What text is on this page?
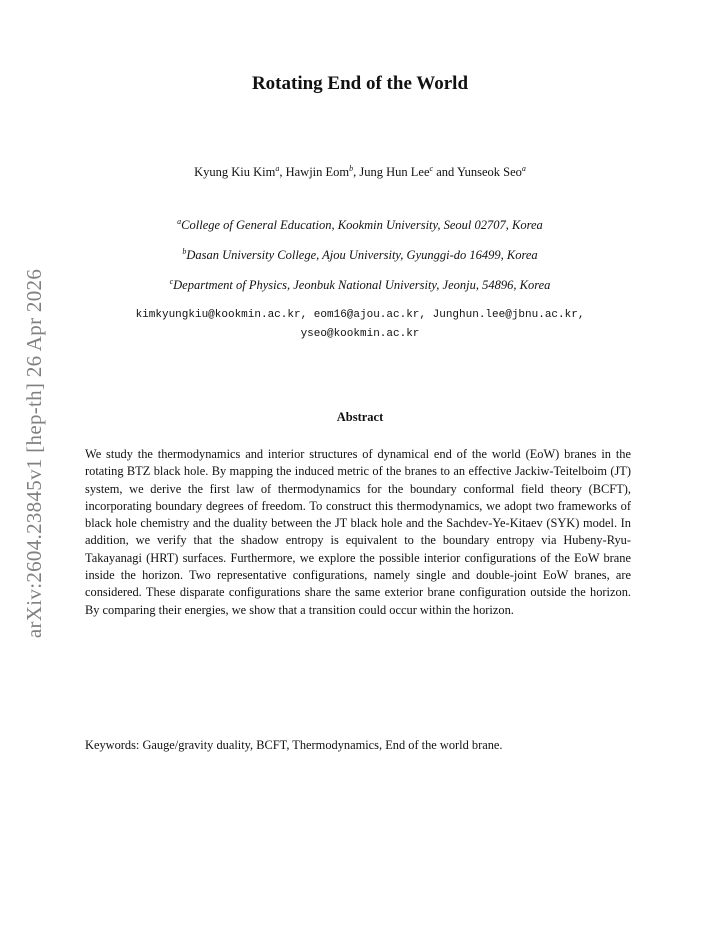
arXiv:2604.23845v1 [hep-th] 26 Apr 2026
Rotating End of the World
Kyung Kiu Kim$^a$, Hawjin Eom$^b$, Jung Hun Lee$^c$ and Yunseok Seo$^a$
$^a$College of General Education, Kookmin University, Seoul 02707, Korea
$^b$Dasan University College, Ajou University, Gyunggi-do 16499, Korea
$^c$Department of Physics, Jeonbuk National University, Jeonju, 54896, Korea
kimkyungkiu@kookmin.ac.kr, eom16@ajou.ac.kr, Junghun.lee@jbnu.ac.kr,
yseo@kookmin.ac.kr
Abstract
We study the thermodynamics and interior structures of dynamical end of the world (EoW) branes in the rotating BTZ black hole. By mapping the induced metric of the branes to an effective Jackiw-Teitelboim (JT) system, we derive the first law of thermodynamics for the boundary conformal field theory (BCFT), incorporating boundary degrees of freedom. To construct this thermodynamics, we adopt two frameworks of black hole chemistry and the duality between the JT black hole and the Sachdev-Ye-Kitaev (SYK) model. In addition, we verify that the shadow entropy is equivalent to the boundary entropy via Hubeny-Ryu-Takayanagi (HRT) surfaces. Furthermore, we explore the possible interior configurations of the EoW brane inside the horizon. Two representative configurations, namely single and double-joint EoW branes, are considered. These disparate configurations share the same exterior brane configuration outside the horizon. By comparing their energies, we show that a transition could occur within the horizon.
Keywords: Gauge/gravity duality, BCFT, Thermodynamics, End of the world brane.
